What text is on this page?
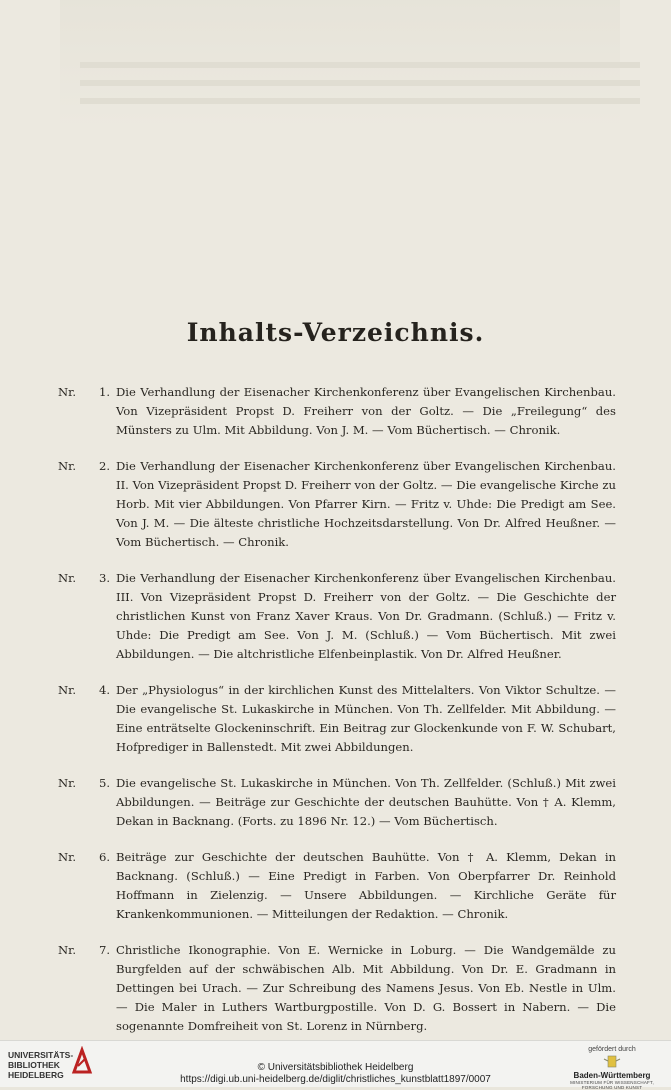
Inhalts-Verzeichnis.
Nr. 1. Die Verhandlung der Eisenacher Kirchenkonferenz über Evangelischen Kirchenbau. Von Vizepräsident Propst D. Freiherr von der Goltz. — Die „Freilegung“ des Münsters zu Ulm. Mit Abbildung. Von J. M. — Vom Büchertisch. — Chronik.
Nr. 2. Die Verhandlung der Eisenacher Kirchenkonferenz über Evangelischen Kirchenbau. II. Von Vizepräsident Propst D. Freiherr von der Goltz. — Die evangelische Kirche zu Horb. Mit vier Abbildungen. Von Pfarrer Kirn. — Fritz v. Uhde: Die Predigt am See. Von J. M. — Die älteste christliche Hochzeitsdarstellung. Von Dr. Alfred Heußner. — Vom Büchertisch. — Chronik.
Nr. 3. Die Verhandlung der Eisenacher Kirchenkonferenz über Evangelischen Kirchenbau. III. Von Vizepräsident Propst D. Freiherr von der Goltz. — Die Geschichte der christlichen Kunst von Franz Xaver Kraus. Von Dr. Gradmann. (Schluß.) — Fritz v. Uhde: Die Predigt am See. Von J. M. (Schluß.) — Vom Büchertisch. Mit zwei Abbildungen. — Die altchristliche Elfenbeinplastik. Von Dr. Alfred Heußner.
Nr. 4. Der „Physiologus“ in der kirchlichen Kunst des Mittelalters. Von Viktor Schultze. — Die evangelische St. Lukaskirche in München. Von Th. Zellfelder. Mit Abbildung. — Eine enträtselte Glockeninschrift. Ein Beitrag zur Glockenkunde von F. W. Schubart, Hofprediger in Ballenstedt. Mit zwei Abbildungen.
Nr. 5. Die evangelische St. Lukaskirche in München. Von Th. Zellfelder. (Schluß.) Mit zwei Abbildungen. — Beiträge zur Geschichte der deutschen Bauhütte. Von † A. Klemm, Dekan in Backnang. (Forts. zu 1896 Nr. 12.) — Vom Büchertisch.
Nr. 6. Beiträge zur Geschichte der deutschen Bauhütte. Von † A. Klemm, Dekan in Backnang. (Schluß.) — Eine Predigt in Farben. Von Oberpfarrer Dr. Reinhold Hoffmann in Zielenzig. — Unsere Abbildungen. — Kirchliche Geräte für Krankenkommunionen. — Mitteilungen der Redaktion. — Chronik.
Nr. 7. Christliche Ikonographie. Von E. Wernicke in Loburg. — Die Wandgemälde zu Burgfelden auf der schwäbischen Alb. Mit Abbildung. Von Dr. E. Gradmann in Dettingen bei Urach. — Zur Schreibung des Namens Jesus. Von Eb. Nestle in Ulm. — Die Maler in Luthers Wartburgpostille. Von D. G. Bossert in Nabern. — Die sogenannte Domfreiheit von St. Lorenz in Nürnberg.
UNIVERSITÄTS-
BIBLIOTHEK
HEIDELBERG
© Universitätsbibliothek Heidelberg
https://digi.ub.uni-heidelberg.de/diglit/christliches_kunstblatt1897/0007
gefördert durch
Baden-Württemberg
MINISTERIUM FÜR WISSENSCHAFT, FORSCHUNG UND KUNST
